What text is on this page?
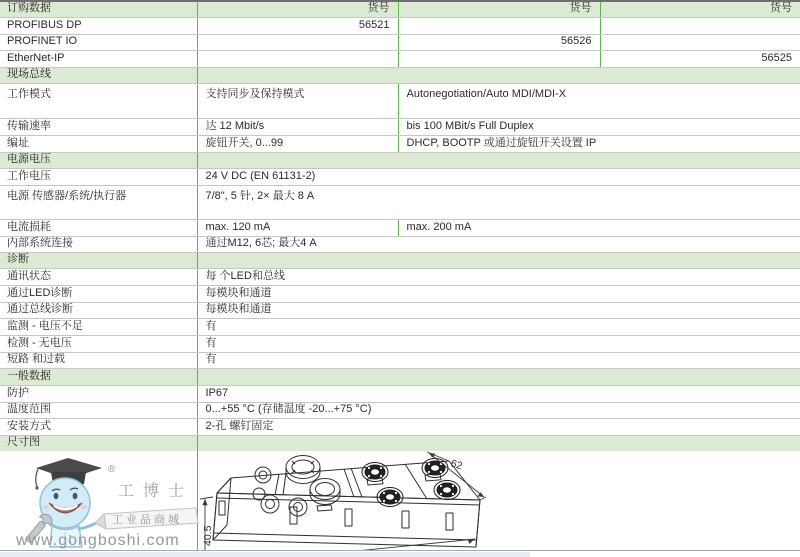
订购数据	货号	货号	货号
PROFIBUS DP	56521		
PROFINET IO		56526	
EtherNet-IP			56525
现场总线			
工作模式	支持同步及保持模式	Autonegotiation/Auto MDI/MDI-X	
传输速率	达 12 Mbit/s	bis 100 MBit/s Full Duplex	
编址	旋钮开关, 0...99	DHCP, BOOTP 或通过旋钮开关设置 IP	
电源电压			
工作电压	24 V DC (EN 61131-2)		
电源 传感器/系统/执行器	7/8", 5 针, 2× 最大 8 A		
电流损耗	max. 120 mA	max. 200 mA	
内部系统连接	通过M12, 6芯; 最大4 A		
诊断			
通讯状态	每 个LED和总线		
通过LED诊断	每模块和通道		
通过总线诊断	每模块和通道		
监测 - 电压不足	有		
检测 - 无电压	有		
短路 和过载	有		
一般数据			
防护	IP67		
温度范围	0...+55 °C (存储温度 -20...+75 °C)		
安装方式	2-孔 螺钉固定		
尺寸图			
62
40.5
®
工博士
工业品商城
www.gongboshi.com
